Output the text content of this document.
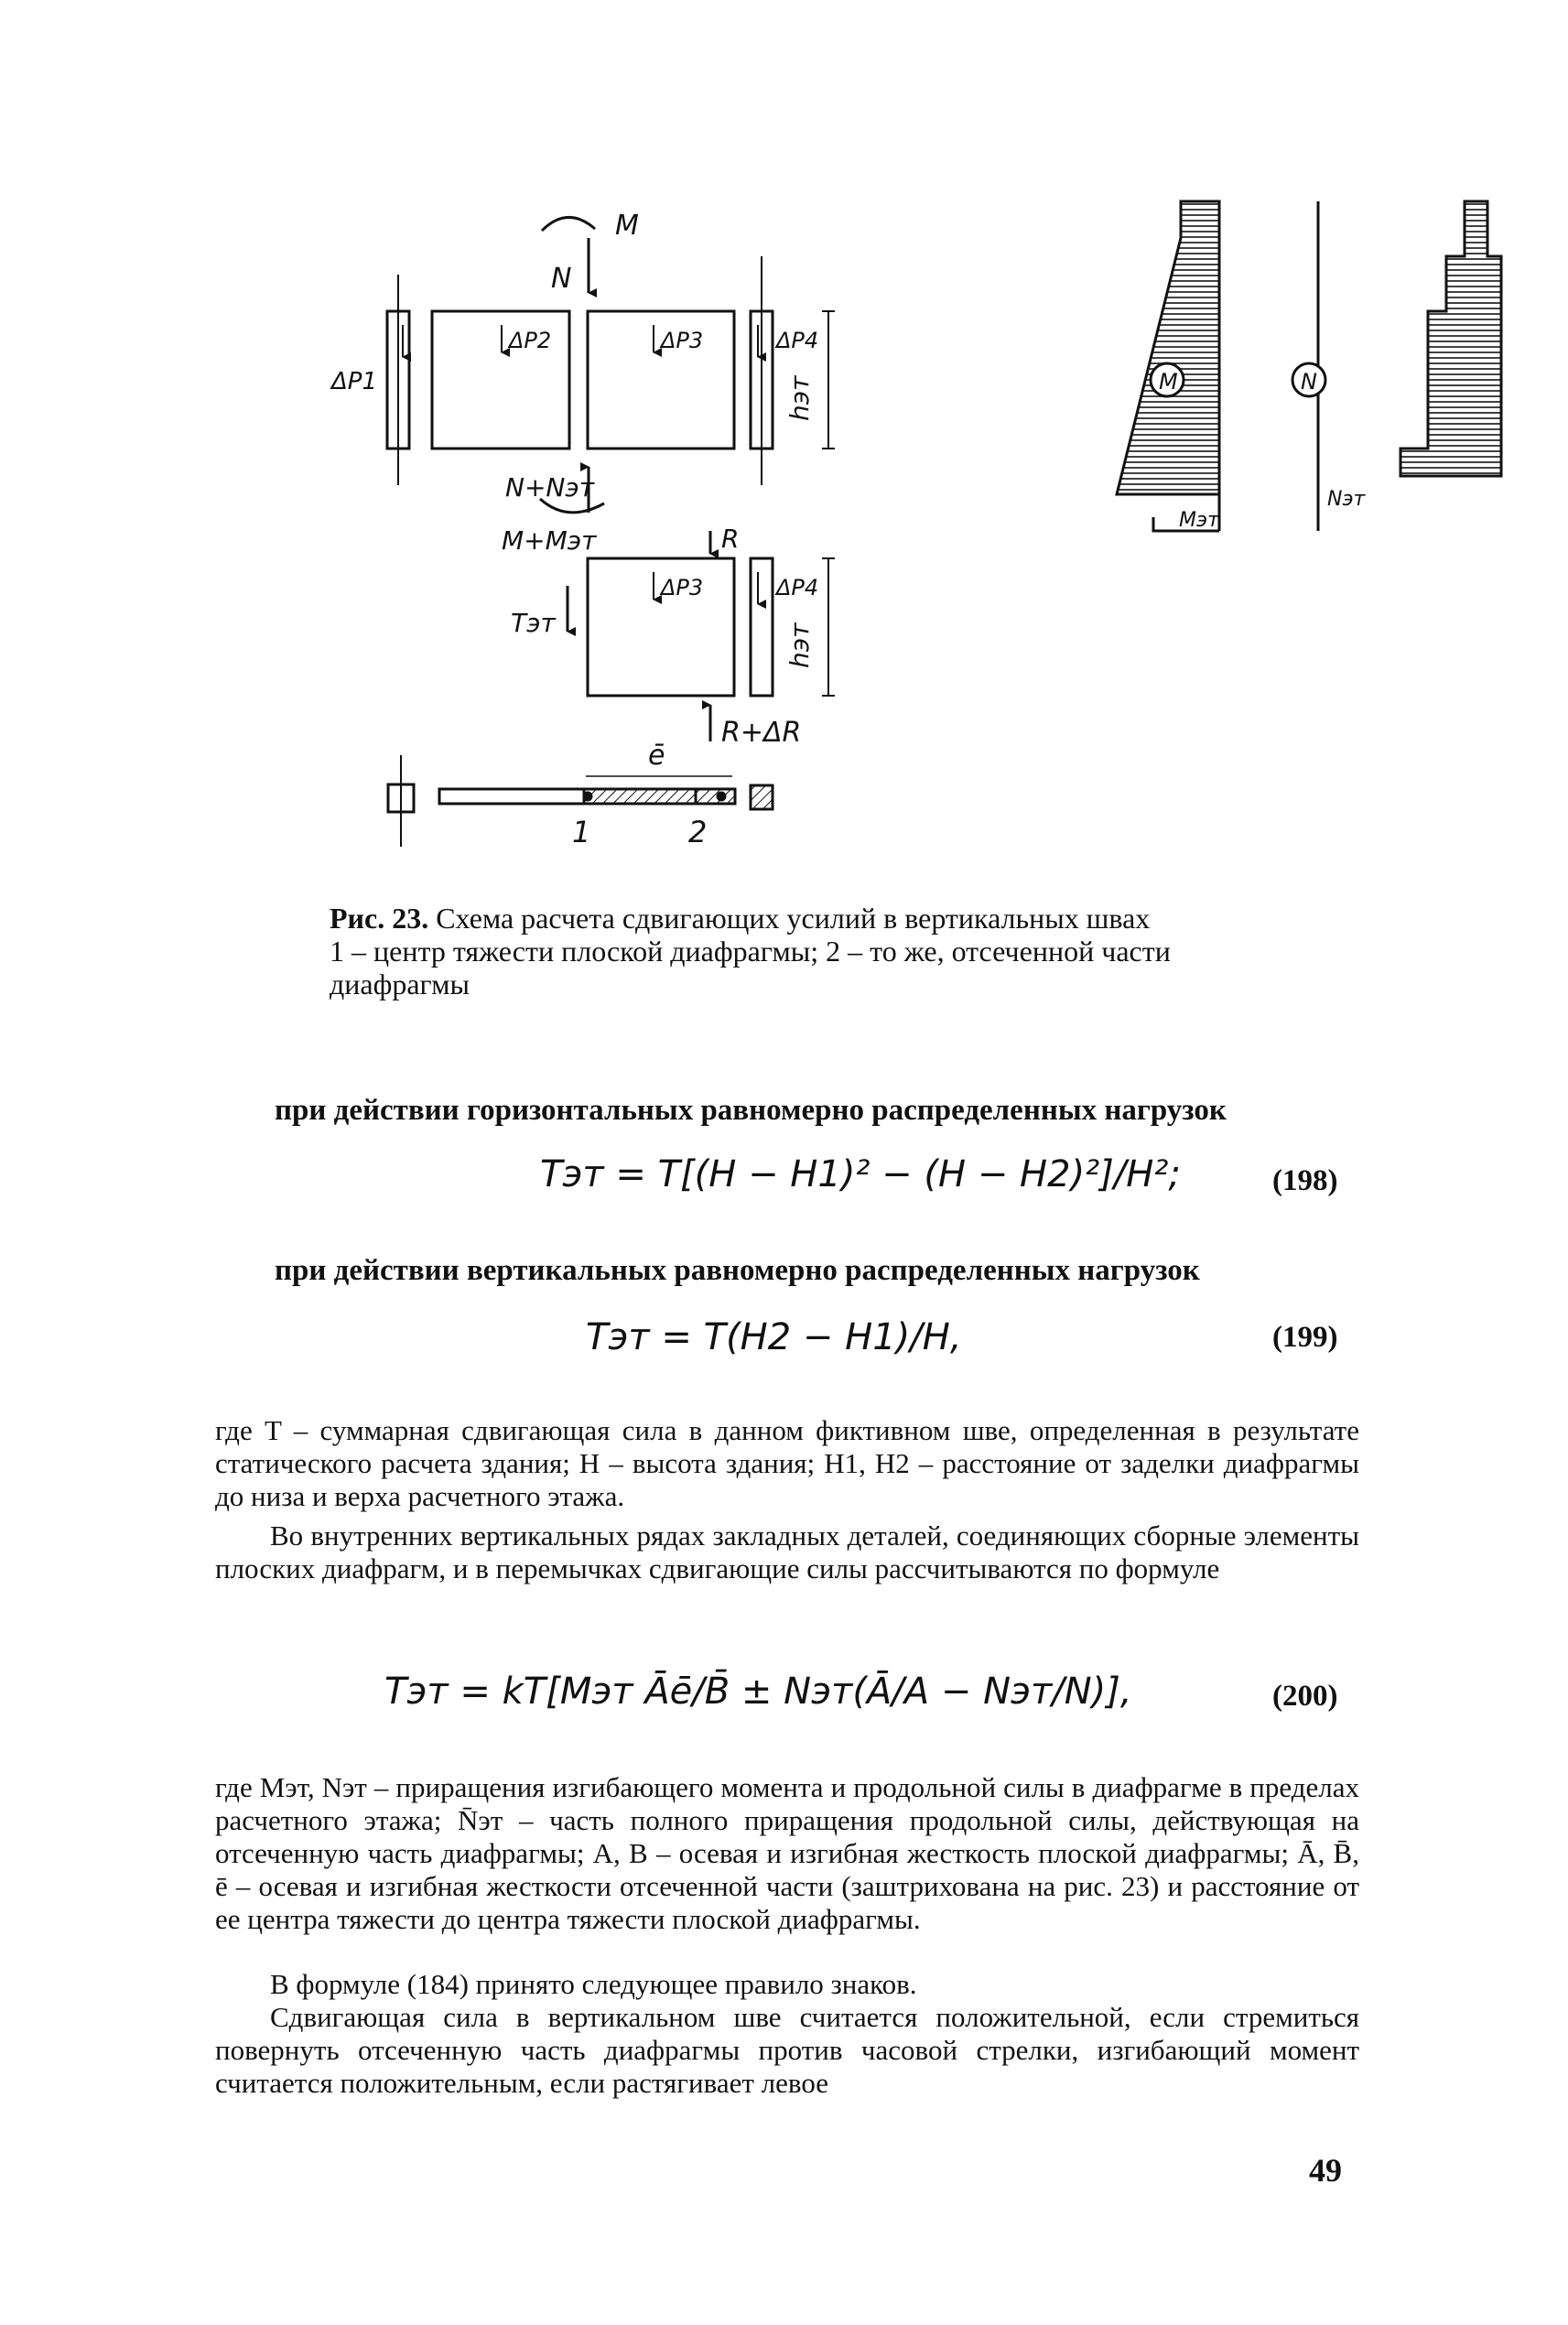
M
N
ΔP1
ΔP2	ΔP3	ΔP4
hэт
N+Nэт
M+Mэт	R
Tэт
ΔP3	ΔP4
hэт
R+ΔR
ē
1	2
M	N
Mэт
Nэт
Рис. 23. Схема расчета сдвигающих усилий в вертикальных швах
1 – центр тяжести плоской диафрагмы; 2 – то же, отсеченной части диафрагмы
при действии горизонтальных равномерно распределенных нагрузок
Tэт = T[(H − H1)² − (H − H2)²]/H²;	(198)
при действии вертикальных равномерно распределенных нагрузок
Tэт = T(H2 − H1)/H,	(199)
где T – суммарная сдвигающая сила в данном фиктивном шве, определенная в результате статического расчета здания; H – высота здания; H1, H2 – расстояние от заделки диафрагмы до низа и верха расчетного этажа.
Во внутренних вертикальных рядах закладных деталей, соединяющих сборные элементы плоских диафрагм, и в перемычках сдвигающие силы рассчитываются по формуле
Tэт = kT[Mэт Āē/B̄ ± Nэт(Ā/A − Nэт/N)],	(200)
где Mэт, Nэт – приращения изгибающего момента и продольной силы в диафрагме в пределах расчетного этажа; N̄эт – часть полного приращения продольной силы, действующая на отсеченную часть диафрагмы; A, B – осевая и изгибная жесткость плоской диафрагмы; Ā, B̄, ē – осевая и изгибная жесткости отсеченной части (заштрихована на рис. 23) и расстояние от ее центра тяжести до центра тяжести плоской диафрагмы.
В формуле (184) принято следующее правило знаков.
Сдвигающая сила в вертикальном шве считается положительной, если стремиться повернуть отсеченную часть диафрагмы против часовой стрелки, изгибающий момент считается положительным, если растягивает левое
49
